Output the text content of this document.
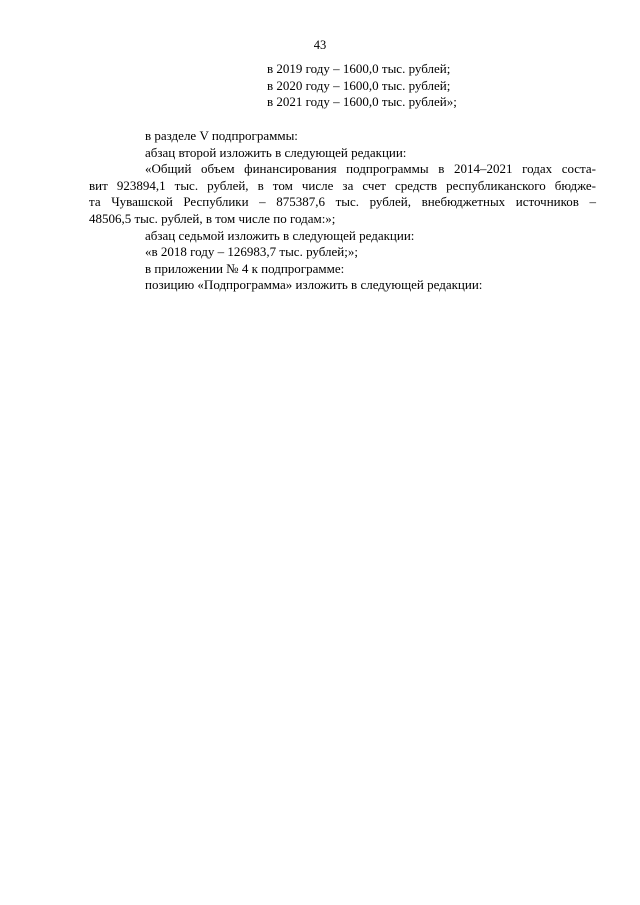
43
в 2019 году – 1600,0 тыс. рублей;
в 2020 году – 1600,0 тыс. рублей;
в 2021 году – 1600,0 тыс. рублей»;

в разделе V подпрограммы:

абзац второй изложить в следующей редакции:

«Общий объем финансирования подпрограммы в 2014–2021 годах соста-
вит 923894,1 тыс. рублей, в том числе за счет средств республиканского бюдже-
та Чувашской Республики – 875387,6 тыс. рублей, внебюджетных источников –
48506,5 тыс. рублей, в том числе по годам:»;

абзац седьмой изложить в следующей редакции:

«в 2018 году – 126983,7 тыс. рублей;»;

в приложении № 4 к подпрограмме:

позицию «Подпрограмма» изложить в следующей редакции:
